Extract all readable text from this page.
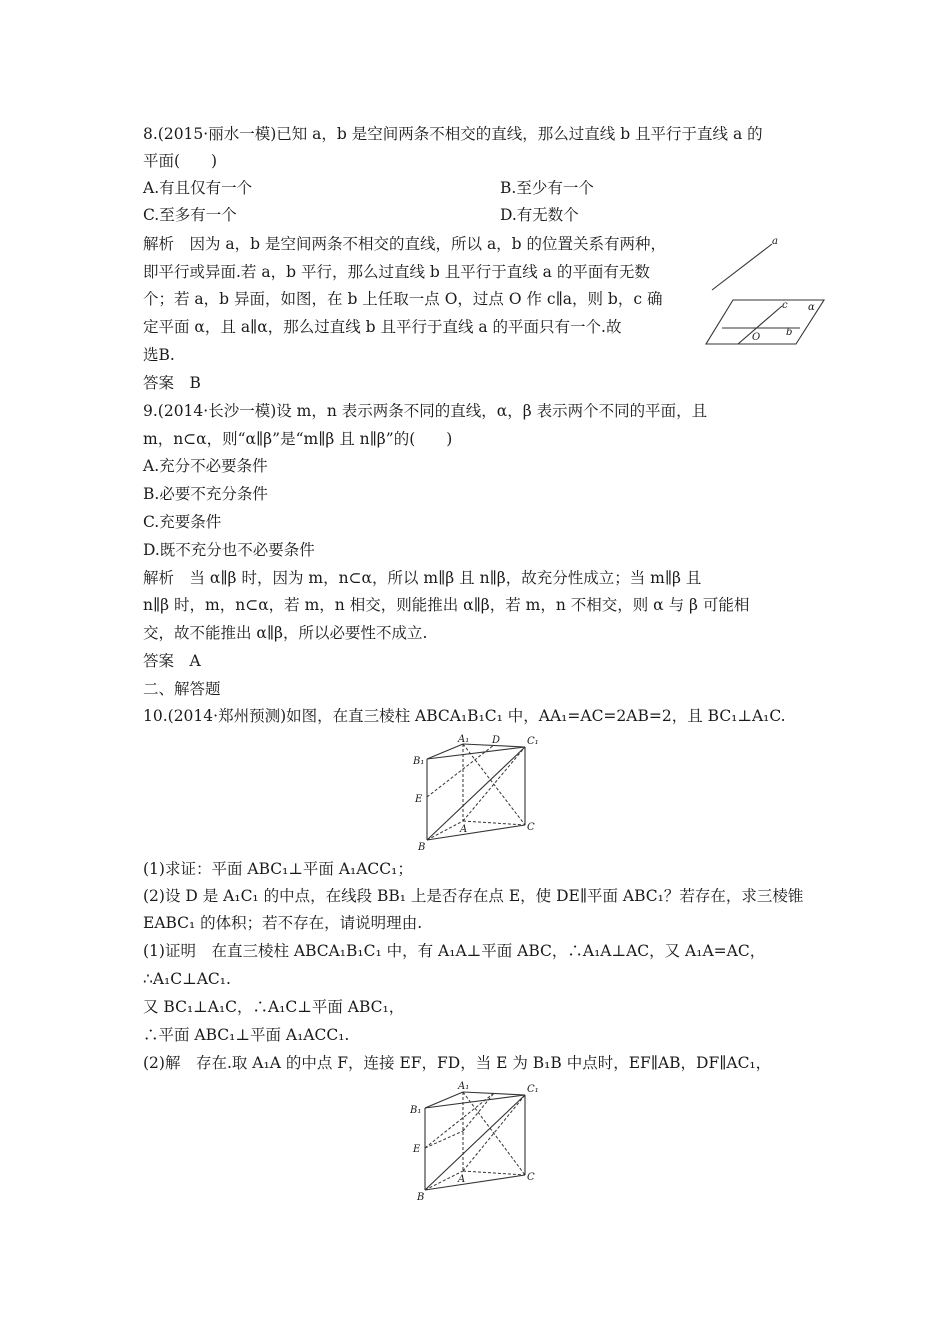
8.(2015·丽水一模)已知 a，b 是空间两条不相交的直线，那么过直线 b 且平行于直线 a 的
平面(　　)
A.有且仅有一个	B.至少有一个
C.至多有一个	D.有无数个
解析　因为 a，b 是空间两条不相交的直线，所以 a，b 的位置关系有两种，
即平行或异面.若 a，b 平行，那么过直线 b 且平行于直线 a 的平面有无数
个；若 a，b 异面，如图，在 b 上任取一点 O，过点 O 作 c∥a，则 b，c 确
定平面 α，且 a∥α，那么过直线 b 且平行于直线 a 的平面只有一个.故
选B.
答案　B
a
α
b
c
O
9.(2014·长沙一模)设 m，n 表示两条不同的直线，α，β 表示两个不同的平面，且
m，n⊂α，则“α∥β”是“m∥β 且 n∥β”的(　　)
A.充分不必要条件
B.必要不充分条件
C.充要条件
D.既不充分也不必要条件
解析　当 α∥β 时，因为 m，n⊂α，所以 m∥β 且 n∥β，故充分性成立；当 m∥β 且
n∥β 时，m，n⊂α，若 m，n 相交，则能推出 α∥β，若 m，n 不相交，则 α 与 β 可能相
交，故不能推出 α∥β，所以必要性不成立.
答案　A
二、解答题
10.(2014·郑州预测)如图，在直三棱柱 ABCA₁B₁C₁ 中，AA₁=AC=2AB=2，且 BC₁⊥A₁C.
A₁ D	C₁
B₁
E
A	C
B
(1)求证：平面 ABC₁⊥平面 A₁ACC₁；
(2)设 D 是 A₁C₁ 的中点，在线段 BB₁ 上是否存在点 E，使 DE∥平面 ABC₁？若存在，求三棱锥
EABC₁ 的体积；若不存在，请说明理由.
(1)证明　在直三棱柱 ABCA₁B₁C₁ 中，有 A₁A⊥平面 ABC，∴A₁A⊥AC，又 A₁A=AC，
∴A₁C⊥AC₁.
又 BC₁⊥A₁C，∴A₁C⊥平面 ABC₁，
∴平面 ABC₁⊥平面 A₁ACC₁.
(2)解　存在.取 A₁A 的中点 F，连接 EF，FD，当 E 为 B₁B 中点时，EF∥AB，DF∥AC₁，
A₁	C₁
B₁
E
A	C
B
